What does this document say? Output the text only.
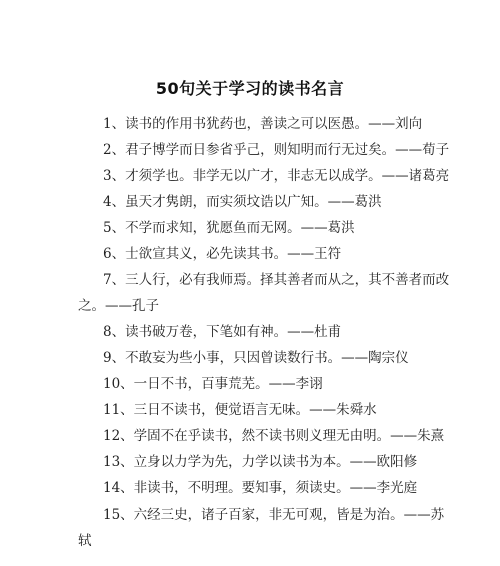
50句关于学习的读书名言
1、读书的作用书犹药也，善读之可以医愚。——刘向
2、君子博学而日参省乎己，则知明而行无过矣。——荀子
3、才须学也。非学无以广才，非志无以成学。——诸葛亮
4、虽天才隽朗，而实须坟诰以广知。——葛洪
5、不学而求知，犹愿鱼而无网。——葛洪
6、士欲宣其义，必先读其书。——王符
7、三人行，必有我师焉。择其善者而从之，其不善者而改
之。——孔子
8、读书破万卷，下笔如有神。——杜甫
9、不敢妄为些小事，只因曾读数行书。——陶宗仪
10、一日不书，百事荒芜。——李诩
11、三日不读书，便觉语言无味。——朱舜水
12、学固不在乎读书，然不读书则义理无由明。——朱熹
13、立身以力学为先，力学以读书为本。——欧阳修
14、非读书，不明理。要知事，须读史。——李光庭
15、六经三史，诸子百家，非无可观，皆是为治。——苏
轼
